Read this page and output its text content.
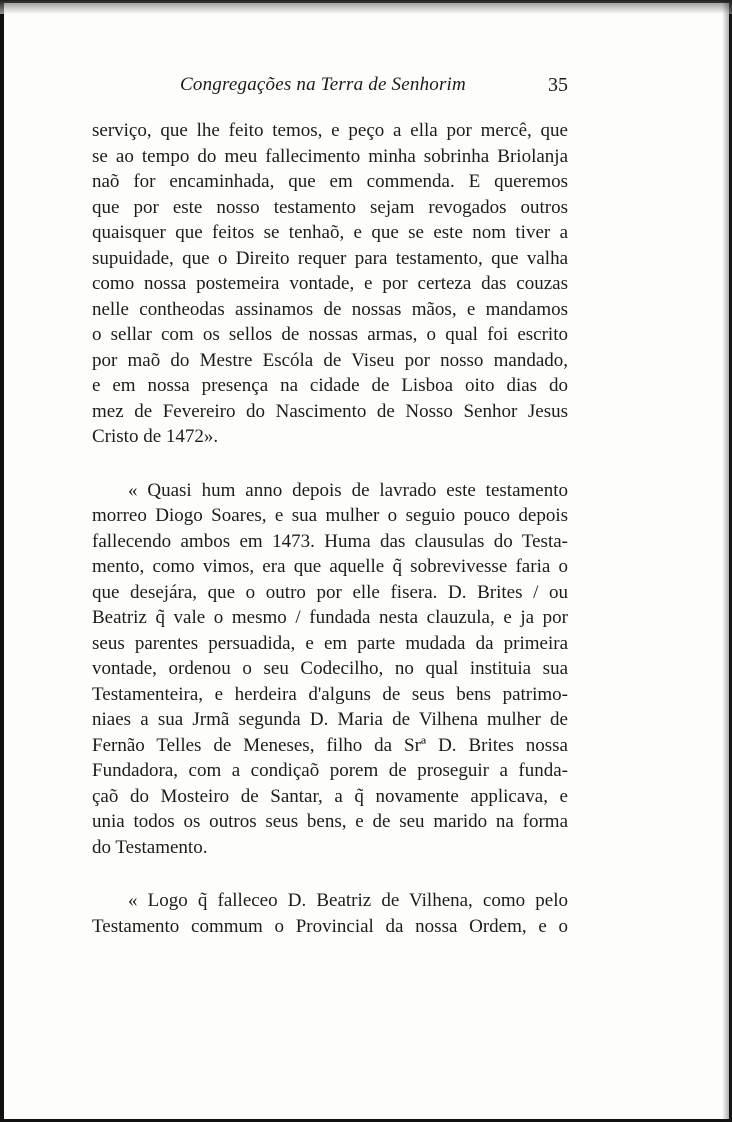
Congregações na Terra de Senhorim	35
serviço, que lhe feito temos, e peço a ella por mercê, que
se ao tempo do meu fallecimento minha sobrinha Briolanja
naõ for encaminhada, que em commenda. E queremos
que por este nosso testamento sejam revogados outros
quaisquer que feitos se tenhaõ, e que se este nom tiver a
supuidade, que o Direito requer para testamento, que valha
como nossa postemeira vontade, e por certeza das couzas
nelle contheodas assinamos de nossas mãos, e mandamos
o sellar com os sellos de nossas armas, o qual foi escrito
por maõ do Mestre Escóla de Viseu por nosso mandado,
e em nossa presença na cidade de Lisboa oito dias do
mez de Fevereiro do Nascimento de Nosso Senhor Jesus
Cristo de 1472».
« Quasi hum anno depois de lavrado este testamento
morreo Diogo Soares, e sua mulher o seguio pouco depois
fallecendo ambos em 1473. Huma das clausulas do Testa-
mento, como vimos, era que aquelle q̃ sobrevivesse faria o
que desejára, que o outro por elle fisera. D. Brites / ou
Beatriz q̃ vale o mesmo / fundada nesta clauzula, e ja por
seus parentes persuadida, e em parte mudada da primeira
vontade, ordenou o seu Codecilho, no qual instituia sua
Testamenteira, e herdeira d'alguns de seus bens patrimo-
niaes a sua Jrmã segunda D. Maria de Vilhena mulher de
Fernão Telles de Meneses, filho da Srª D. Brites nossa
Fundadora, com a condiçaõ porem de proseguir a funda-
çaõ do Mosteiro de Santar, a q̃ novamente applicava, e
unia todos os outros seus bens, e de seu marido na forma
do Testamento.
« Logo q̃ falleceo D. Beatriz de Vilhena, como pelo
Testamento commum o Provincial da nossa Ordem, e o
